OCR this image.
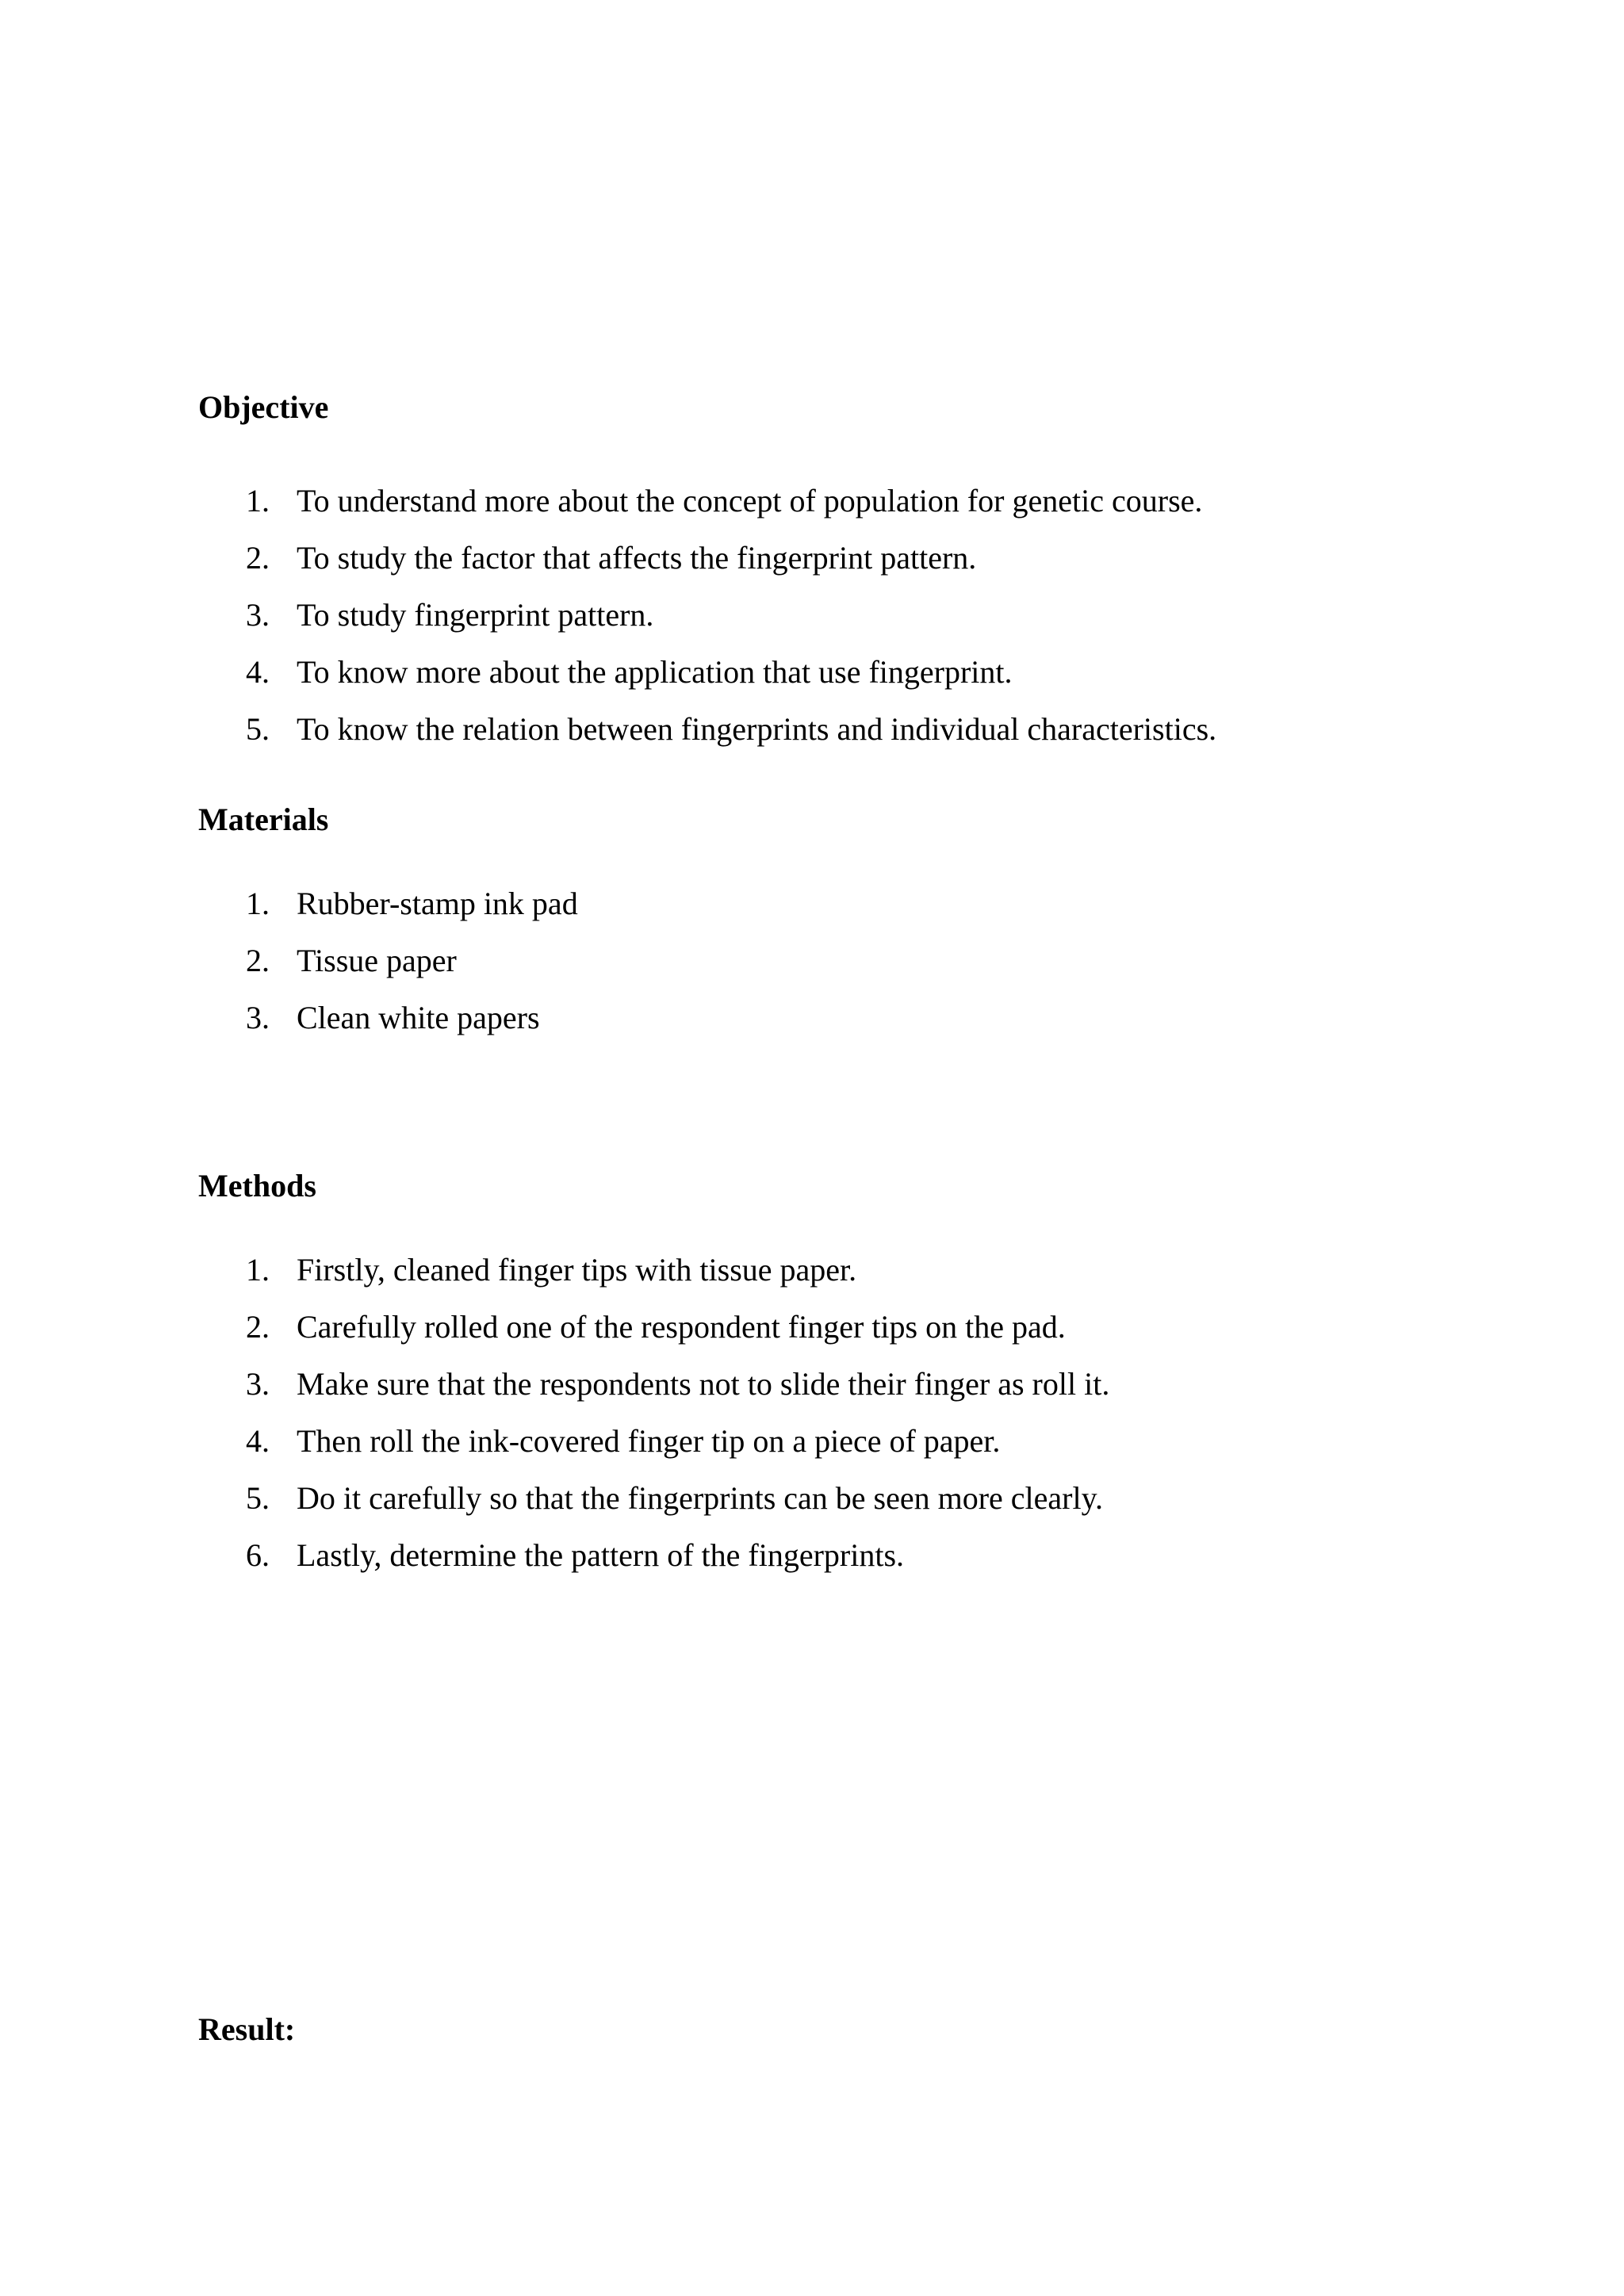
Objective
1. To understand more about the concept of population for genetic course.
2. To study the factor that affects the fingerprint pattern.
3. To study fingerprint pattern.
4. To know more about the application that use fingerprint.
5. To know the relation between fingerprints and individual characteristics.
Materials
1. Rubber-stamp ink pad
2. Tissue paper
3. Clean white papers
Methods
1. Firstly, cleaned finger tips with tissue paper.
2. Carefully rolled one of the respondent finger tips on the pad.
3. Make sure that the respondents not to slide their finger as roll it.
4. Then roll the ink-covered finger tip on a piece of paper.
5. Do it carefully so that the fingerprints can be seen more clearly.
6. Lastly, determine the pattern of the fingerprints.
Result:
